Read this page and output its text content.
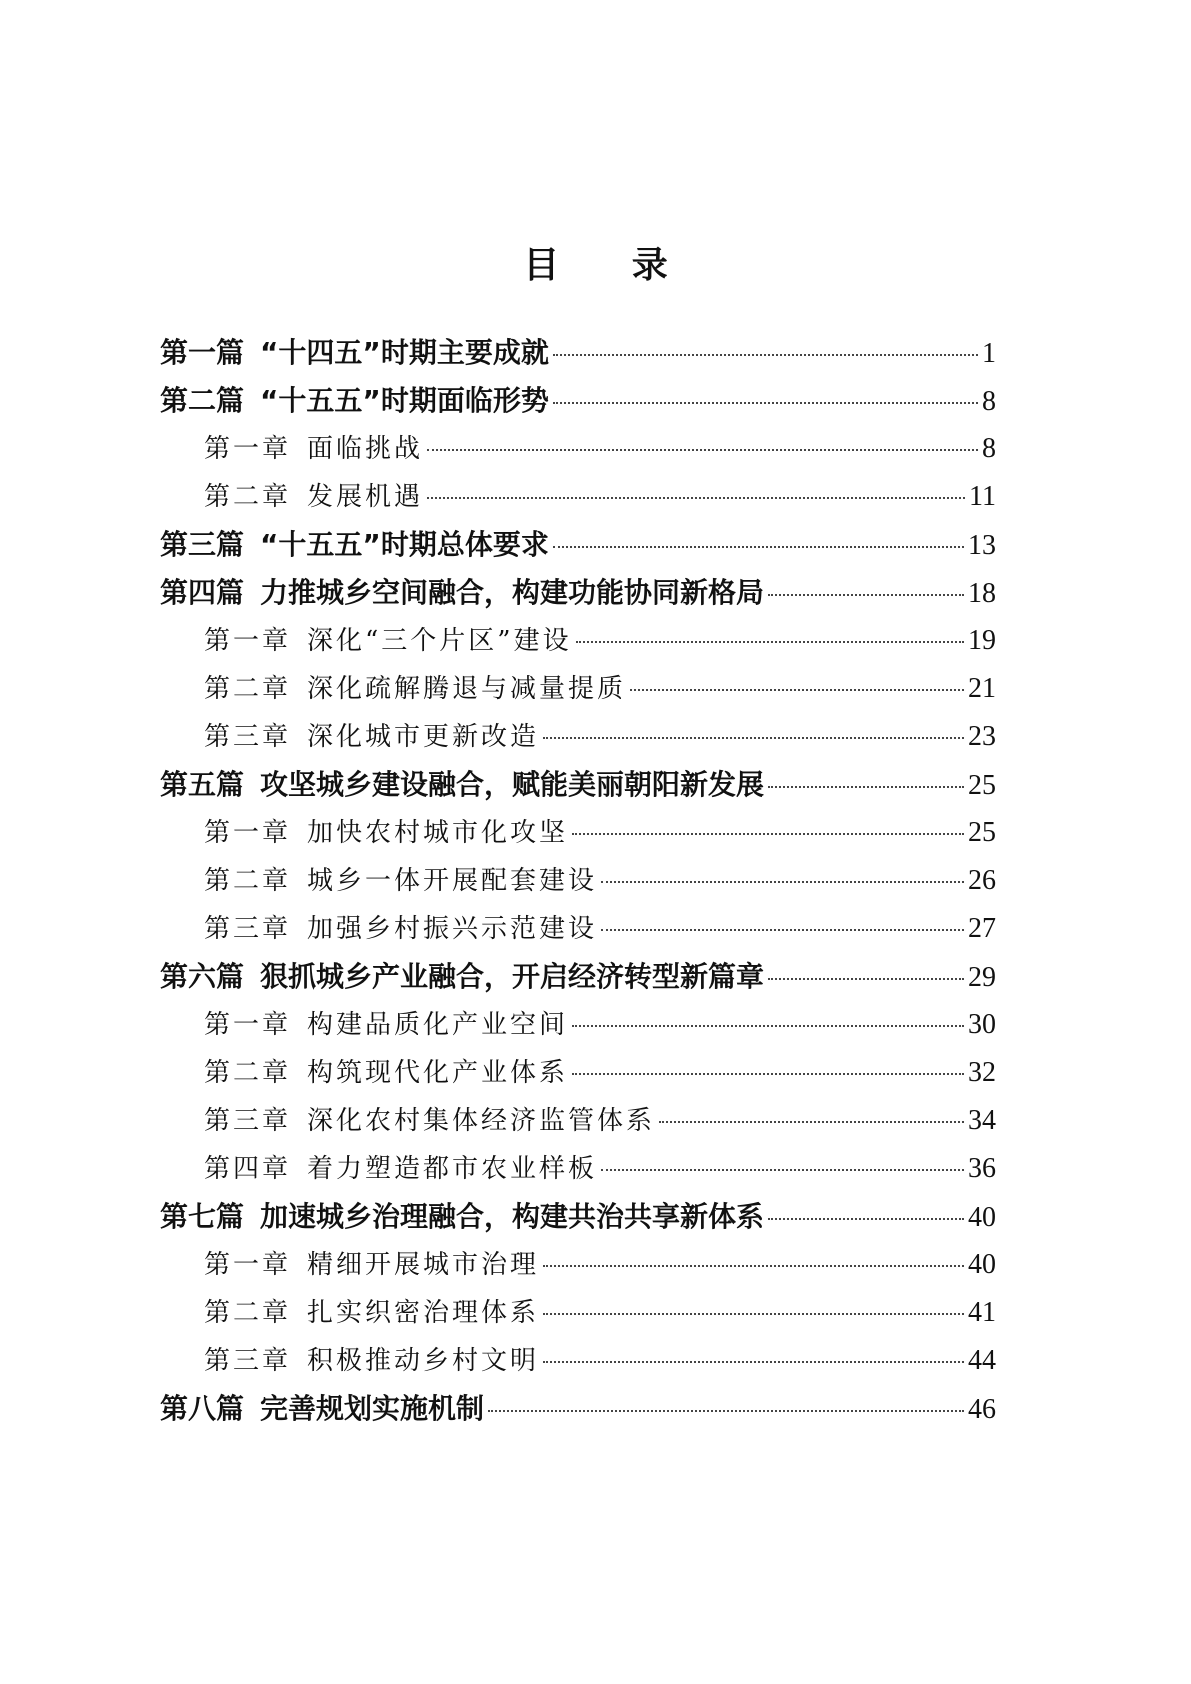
目 录
第一篇 “十四五”时期主要成就	1
第二篇 “十五五”时期面临形势	8
第一章 面临挑战	8
第二章 发展机遇	11
第三篇 “十五五”时期总体要求	13
第四篇 力推城乡空间融合，构建功能协同新格局	18
第一章 深化“三个片区”建设	19
第二章 深化疏解腾退与减量提质	21
第三章 深化城市更新改造	23
第五篇 攻坚城乡建设融合，赋能美丽朝阳新发展	25
第一章 加快农村城市化攻坚	25
第二章 城乡一体开展配套建设	26
第三章 加强乡村振兴示范建设	27
第六篇 狠抓城乡产业融合，开启经济转型新篇章	29
第一章 构建品质化产业空间	30
第二章 构筑现代化产业体系	32
第三章 深化农村集体经济监管体系	34
第四章 着力塑造都市农业样板	36
第七篇 加速城乡治理融合，构建共治共享新体系	40
第一章 精细开展城市治理	40
第二章 扎实织密治理体系	41
第三章 积极推动乡村文明	44
第八篇 完善规划实施机制	46
